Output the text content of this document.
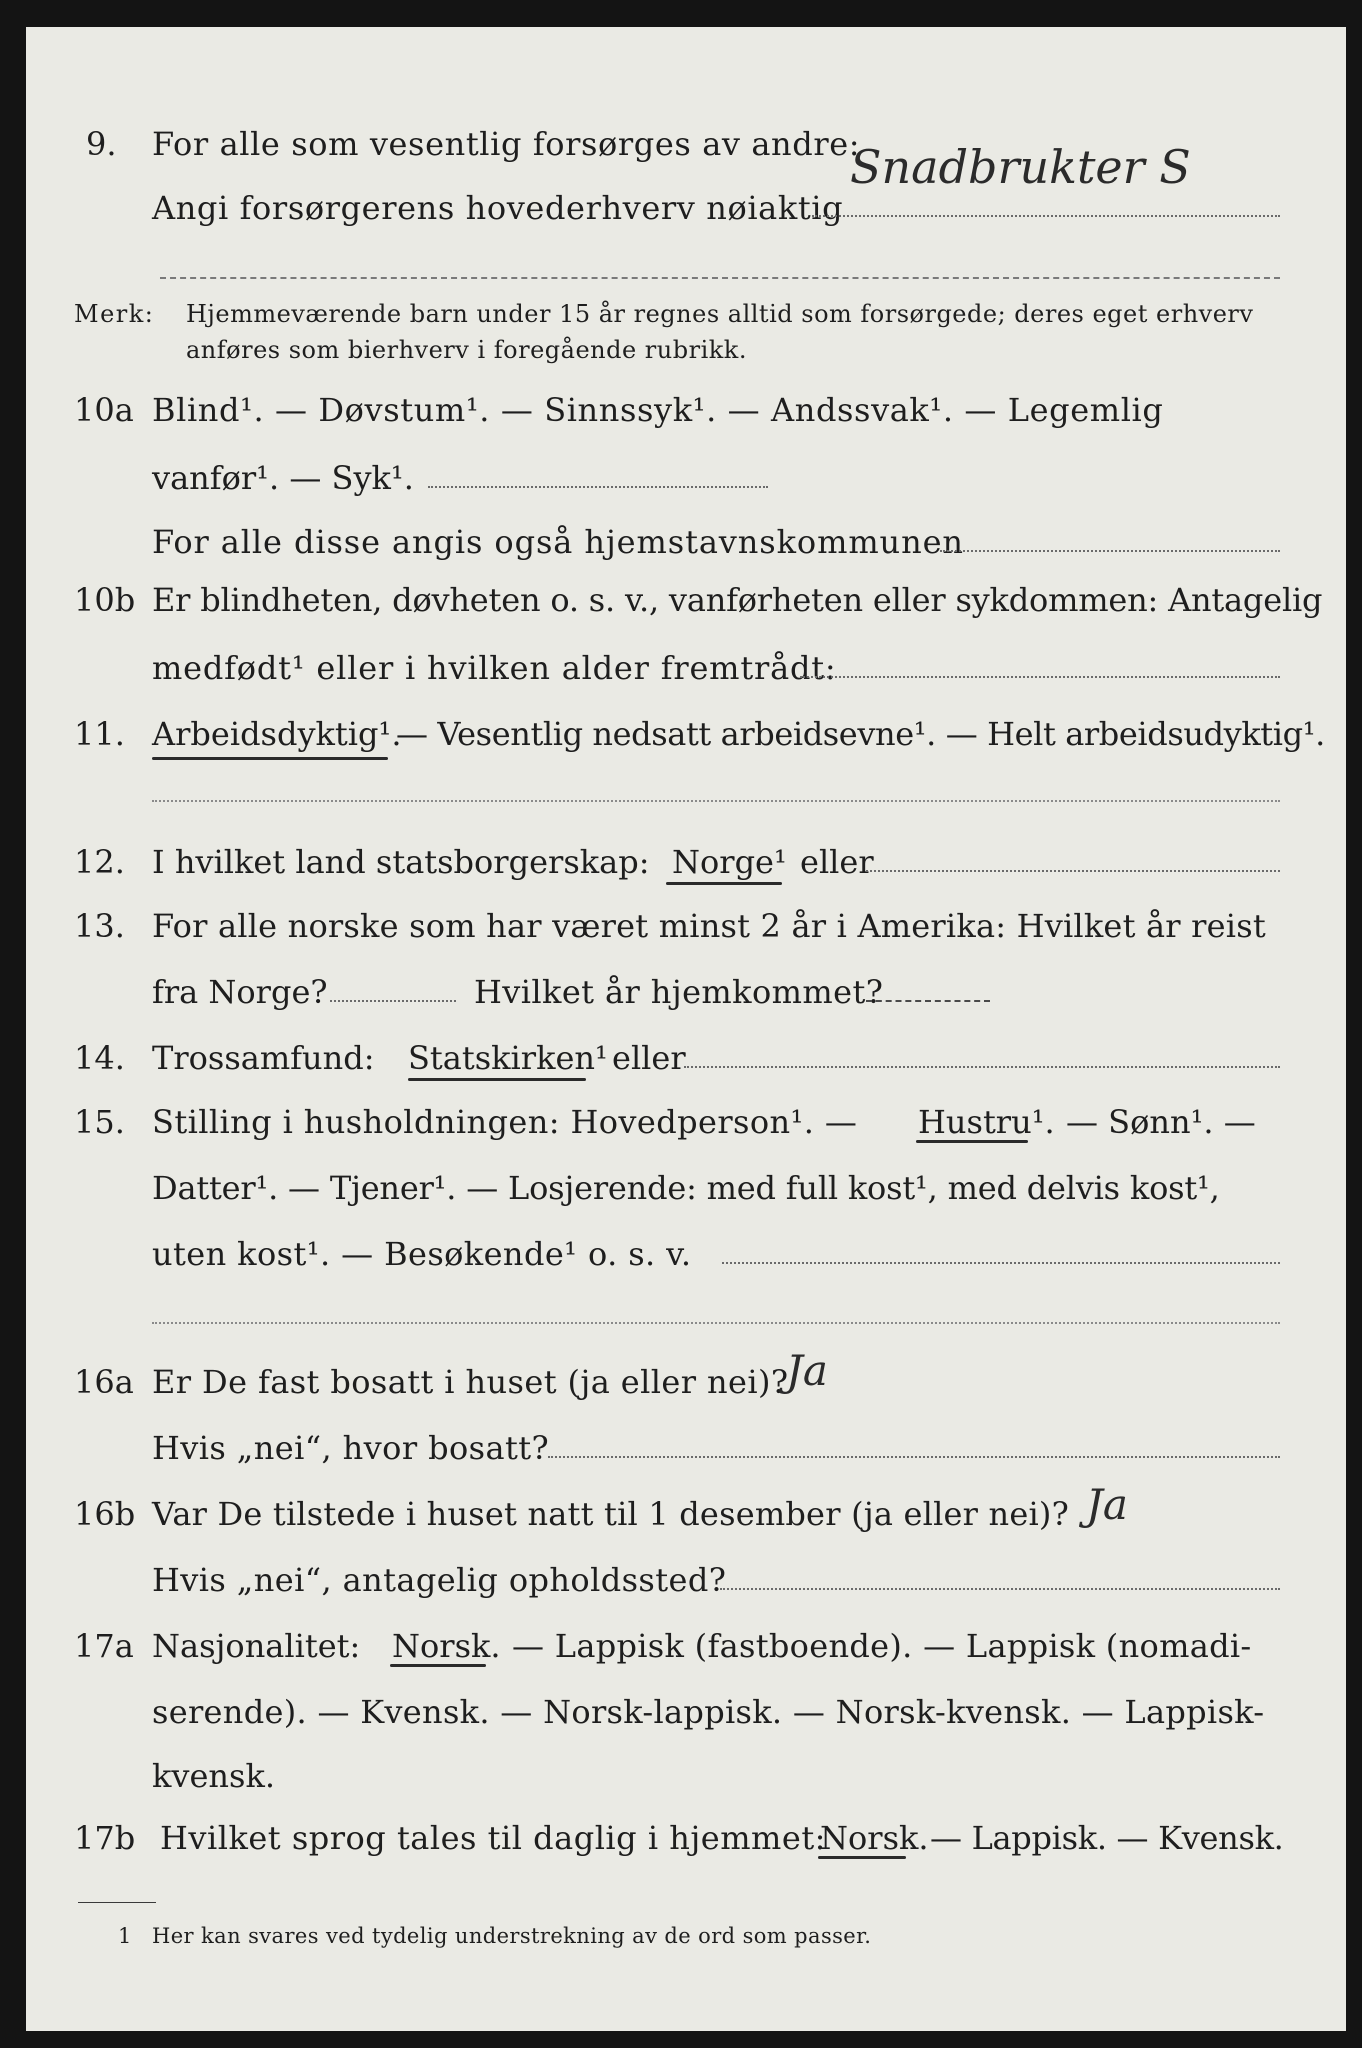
9. For alle som vesentlig forsørges av andre:
Snadbrukter S
Angi forsørgerens hovederhverv nøiaktig
Merk: Hjemmeværende barn under 15 år regnes alltid som forsørgede; deres eget erhverv
anføres som bierhverv i foregående rubrikk.
10a Blind¹. — Døvstum¹. — Sinnssyk¹. — Andssvak¹. — Legemlig
vanfør¹. — Syk¹.
For alle disse angis også hjemstavnskommunen
10b Er blindheten, døvheten o. s. v., vanførheten eller sykdommen: Antagelig
medfødt¹ eller i hvilken alder fremtrådt:
11. Arbeidsdyktig¹.
— Vesentlig nedsatt arbeidsevne¹. — Helt arbeidsudyktig¹.
12. I hvilket land statsborgerskap: Norge¹ eller
13. For alle norske som har været minst 2 år i Amerika: Hvilket år reist
fra Norge?	Hvilket år hjemkommet?
14. Trossamfund: Statskirken¹ eller
15. Stilling i husholdningen: Hovedperson¹. — Hustru¹. — Sønn¹. —
Datter¹. — Tjener¹. — Losjerende: med full kost¹, med delvis kost¹,
uten kost¹. — Besøkende¹ o. s. v.
16a Er De fast bosatt i huset (ja eller nei)?
Ja
Hvis „nei“, hvor bosatt?
16b Var De tilstede i huset natt til 1 desember (ja eller nei)? Ja
Hvis „nei“, antagelig opholdssted?
17a Nasjonalitet: Norsk. — Lappisk (fastboende). — Lappisk (nomadi-
serende). — Kvensk. — Norsk-lappisk. — Norsk-kvensk. — Lappisk-
kvensk.
17b Hvilket sprog tales til daglig i hjemmet:
Norsk. — Lappisk. — Kvensk.
1 Her kan svares ved tydelig understrekning av de ord som passer.
